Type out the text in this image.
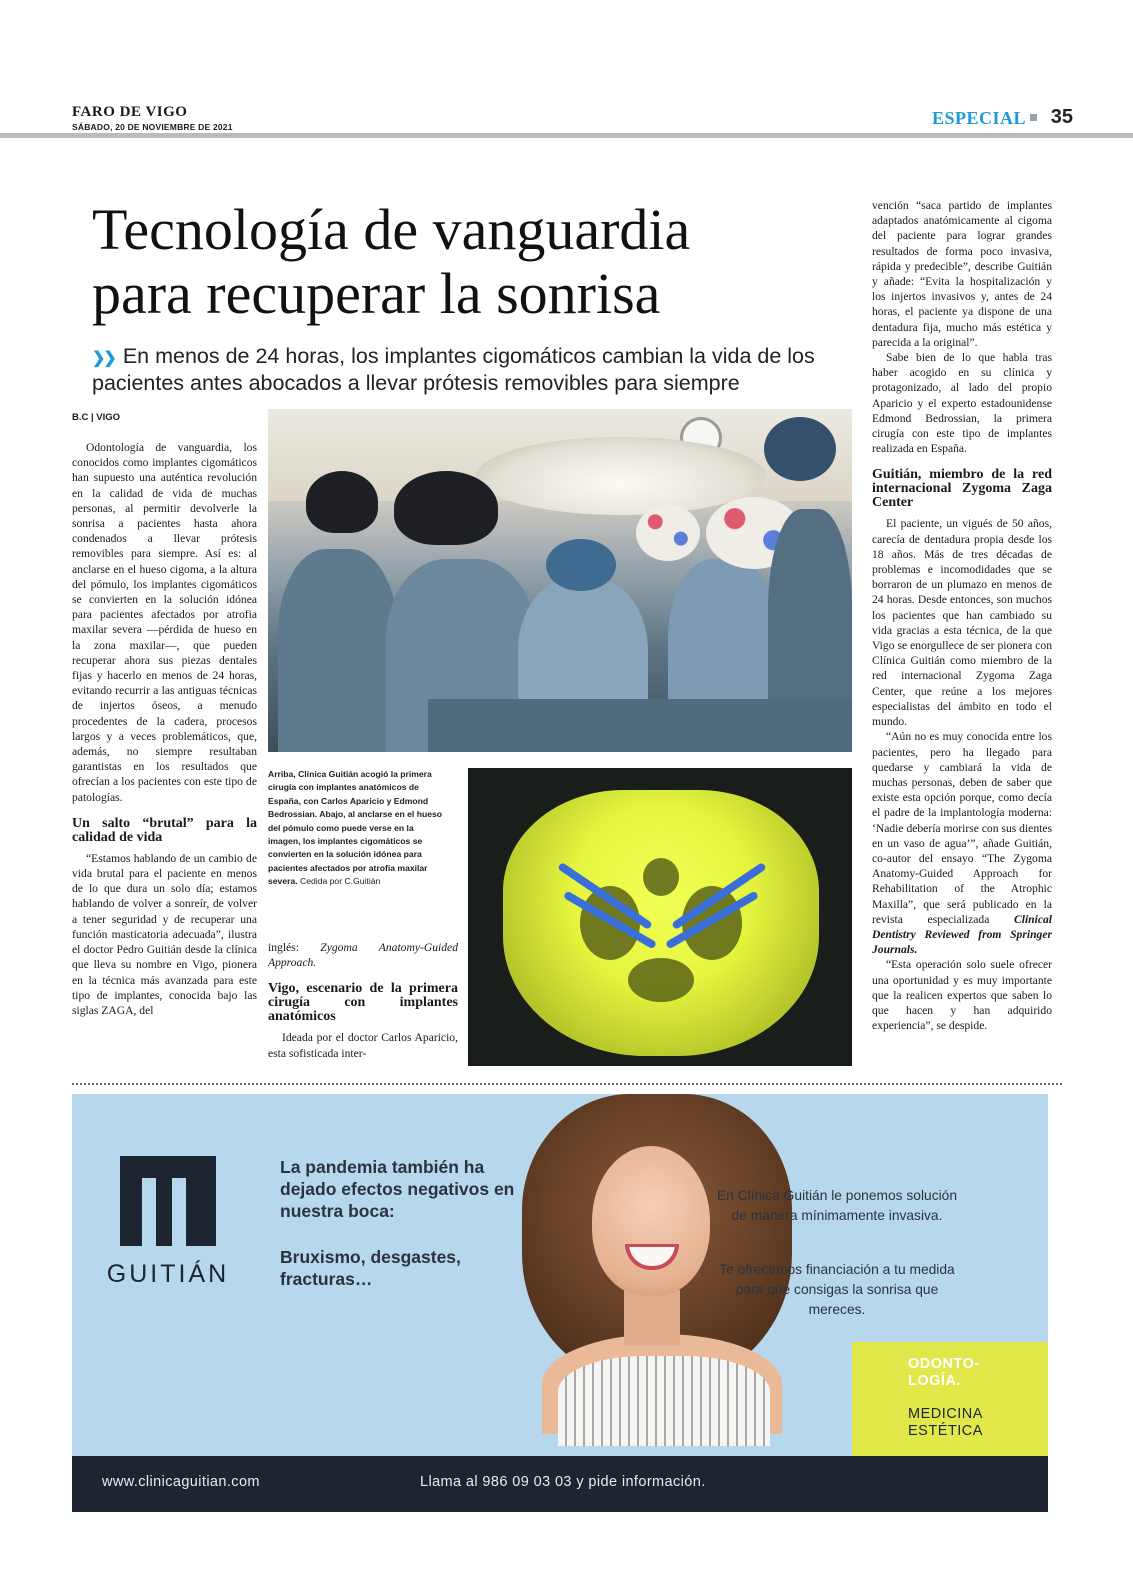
FARO DE VIGO
SÁBADO, 20 DE NOVIEMBRE DE 2021	ESPECIAL	35
Tecnología de vanguardia
para recuperar la sonrisa
❯❯ En menos de 24 horas, los implantes cigomáticos cambian la vida de los pacientes antes abocados a llevar prótesis removibles para siempre
B.C | VIGO

Odontología de vanguardia, los conocidos como implantes cigomáticos han supuesto una auténtica revolución en la calidad de vida de muchas personas, al permitir devolverle la sonrisa a pacientes hasta ahora condenados a llevar prótesis removibles para siempre. Así es: al anclarse en el hueso cigoma, a la altura del pómulo, los implantes cigomáticos se convierten en la solución idónea para pacientes afectados por atrofia maxilar severa —pérdida de hueso en la zona maxilar—, que pueden recuperar ahora sus piezas dentales fijas y hacerlo en menos de 24 horas, evitando recurrir a las antiguas técnicas de injertos óseos, a menudo procedentes de la cadera, procesos largos y a veces problemáticos, que, además, no siempre resultaban garantistas en los resultados que ofrecían a los pacientes con este tipo de patologías.

Un salto “brutal” para la calidad de vida

“Estamos hablando de un cambio de vida brutal para el paciente en menos de lo que dura un solo día; estamos hablando de volver a sonreír, de volver a tener seguridad y de recuperar una función masticatoria adecuada”, ilustra el doctor Pedro Guitián desde la clínica que lleva su nombre en Vigo, pionera en la técnica más avanzada para este tipo de implantes, conocida bajo las siglas ZAGA, del

Arriba, Clínica Guitián acogió la primera cirugía con implantes anatómicos de España, con Carlos Aparicio y Edmond Bedrossian. Abajo, al anclarse en el hueso del pómulo como puede verse en la imagen, los implantes cigomáticos se convierten en la solución idónea para pacientes afectados por atrofia maxilar severa. Cedida por C.Guitián

inglés: Zygoma Anatomy-Guided Approach.

Vigo, escenario de la primera cirugía con implantes anatómicos

Ideada por el doctor Carlos Aparicio, esta sofisticada inter-

vención “saca partido de implantes adaptados anatómicamente al cigoma del paciente para lograr grandes resultados de forma poco invasiva, rápida y predecible”, describe Guitián y añade: “Evita la hospitalización y los injertos invasivos y, antes de 24 horas, el paciente ya dispone de una dentadura fija, mucho más estética y parecida a la original”.

Sabe bien de lo que habla tras haber acogido en su clínica y protagonizado, al lado del propio Aparicio y el experto estadounidense Edmond Bedrossian, la primera cirugía con este tipo de implantes realizada en España.

Guitián, miembro de la red internacional Zygoma Zaga Center

El paciente, un vigués de 50 años, carecía de dentadura propia desde los 18 años. Más de tres décadas de problemas e incomodidades que se borraron de un plumazo en menos de 24 horas. Desde entonces, son muchos los pacientes que han cambiado su vida gracias a esta técnica, de la que Vigo se enorgullece de ser pionera con Clínica Guitián como miembro de la red internacional Zygoma Zaga Center, que reúne a los mejores especialistas del ámbito en todo el mundo.

“Aún no es muy conocida entre los pacientes, pero ha llegado para quedarse y cambiará la vida de muchas personas, deben de saber que existe esta opción porque, como decía el padre de la implantología moderna: ‘Nadie debería morirse con sus dientes en un vaso de agua’”, añade Guitián, co-autor del ensayo “The Zygoma Anatomy-Guided Approach for Rehabilitation of the Atrophic Maxilla”, que será publicado en la revista especializada Clinical Dentistry Reviewed from Springer Journals.

“Esta operación solo suele ofrecer una oportunidad y es muy importante que la realicen expertos que saben lo que hacen y han adquirido experiencia”, se despide.

GUITIÁN
La pandemia también ha dejado efectos negativos en nuestra boca:
Bruxismo, desgastes, fracturas…
En Clínica Guitián le ponemos solución de manera mínimamente invasiva.
Te ofrecemos financiación a tu medida para que consigas la sonrisa que mereces.
ODONTO-
LOGÍA.
MEDICINA
ESTÉTICA
www.clinicaguitian.com	Llama al 986 09 03 03 y pide información.
